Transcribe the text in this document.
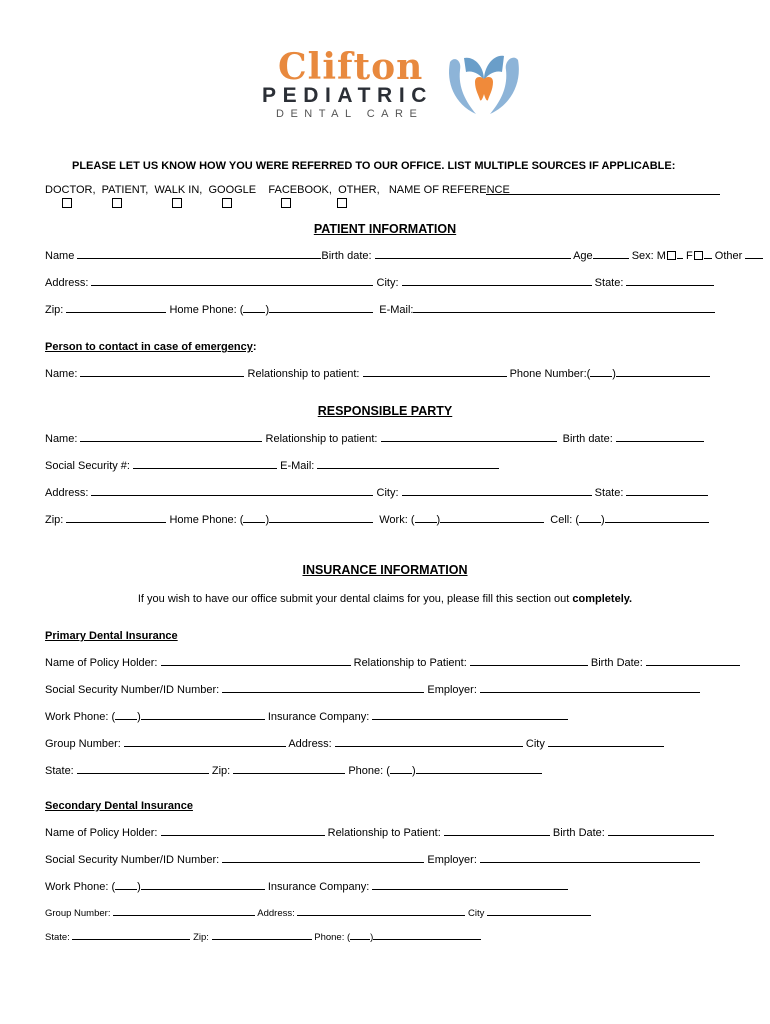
Clifton
PEDIATRIC
DENTAL CARE
PLEASE LET US KNOW HOW YOU WERE REFERRED TO OUR OFFICE. LIST MULTIPLE SOURCES IF APPLICABLE:
DOCTOR, PATIENT, WALK IN, GOOGLE FACEBOOK, OTHER, NAME OF REFERENCE
PATIENT INFORMATION
Name	Birth date:	Age	Sex: M F Other
Address:	City:	State:
Zip:	Home Phone: ( )	E-Mail:
Person to contact in case of emergency:
Name:	Relationship to patient:	Phone Number:( )
RESPONSIBLE PARTY
Name:	Relationship to patient:	Birth date:
Social Security #:	E-Mail:
Address:	City:	State:
Zip:	Home Phone: ( )	Work: ( )	Cell: ( )
INSURANCE INFORMATION
If you wish to have our office submit your dental claims for you, please fill this section out completely.
Primary Dental Insurance
Name of Policy Holder:	Relationship to Patient:	Birth Date:
Social Security Number/ID Number:	Employer:
Work Phone: ( )	Insurance Company:
Group Number:	Address:	City
State:	Zip:	Phone: ( )
Secondary Dental Insurance
Name of Policy Holder:	Relationship to Patient:	Birth Date:
Social Security Number/ID Number:	Employer:
Work Phone: ( )	Insurance Company:
Group Number:	Address:	City
State:	Zip:	Phone: ( )
